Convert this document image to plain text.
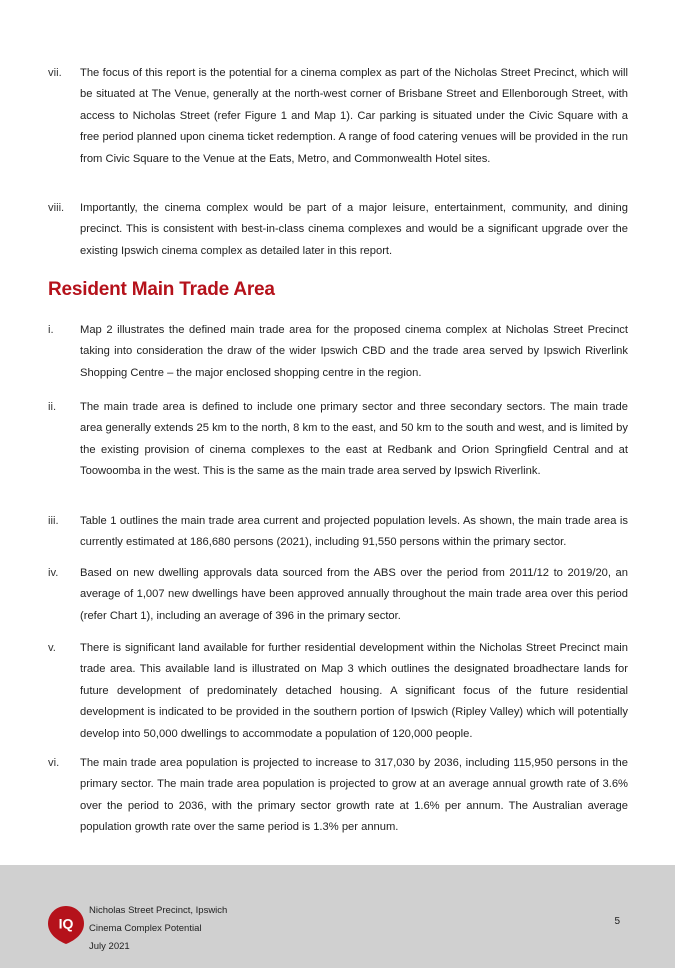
vii. The focus of this report is the potential for a cinema complex as part of the Nicholas Street Precinct, which will be situated at The Venue, generally at the north-west corner of Brisbane Street and Ellenborough Street, with access to Nicholas Street (refer Figure 1 and Map 1). Car parking is situated under the Civic Square with a free period planned upon cinema ticket redemption. A range of food catering venues will be provided in the run from Civic Square to the Venue at the Eats, Metro, and Commonwealth Hotel sites.
viii. Importantly, the cinema complex would be part of a major leisure, entertainment, community, and dining precinct. This is consistent with best-in-class cinema complexes and would be a significant upgrade over the existing Ipswich cinema complex as detailed later in this report.
Resident Main Trade Area
i. Map 2 illustrates the defined main trade area for the proposed cinema complex at Nicholas Street Precinct taking into consideration the draw of the wider Ipswich CBD and the trade area served by Ipswich Riverlink Shopping Centre – the major enclosed shopping centre in the region.
ii. The main trade area is defined to include one primary sector and three secondary sectors. The main trade area generally extends 25 km to the north, 8 km to the east, and 50 km to the south and west, and is limited by the existing provision of cinema complexes to the east at Redbank and Orion Springfield Central and at Toowoomba in the west. This is the same as the main trade area served by Ipswich Riverlink.
iii. Table 1 outlines the main trade area current and projected population levels. As shown, the main trade area is currently estimated at 186,680 persons (2021), including 91,550 persons within the primary sector.
iv. Based on new dwelling approvals data sourced from the ABS over the period from 2011/12 to 2019/20, an average of 1,007 new dwellings have been approved annually throughout the main trade area over this period (refer Chart 1), including an average of 396 in the primary sector.
v. There is significant land available for further residential development within the Nicholas Street Precinct main trade area. This available land is illustrated on Map 3 which outlines the designated broadhectare lands for future development of predominately detached housing. A significant focus of the future residential development is indicated to be provided in the southern portion of Ipswich (Ripley Valley) which will potentially develop into 50,000 dwellings to accommodate a population of 120,000 people.
vi. The main trade area population is projected to increase to 317,030 by 2036, including 115,950 persons in the primary sector. The main trade area population is projected to grow at an average annual growth rate of 3.6% over the period to 2036, with the primary sector growth rate at 1.6% per annum. The Australian average population growth rate over the same period is 1.3% per annum.
IQ
Nicholas Street Precinct, Ipswich
Cinema Complex Potential
July 2021
5
